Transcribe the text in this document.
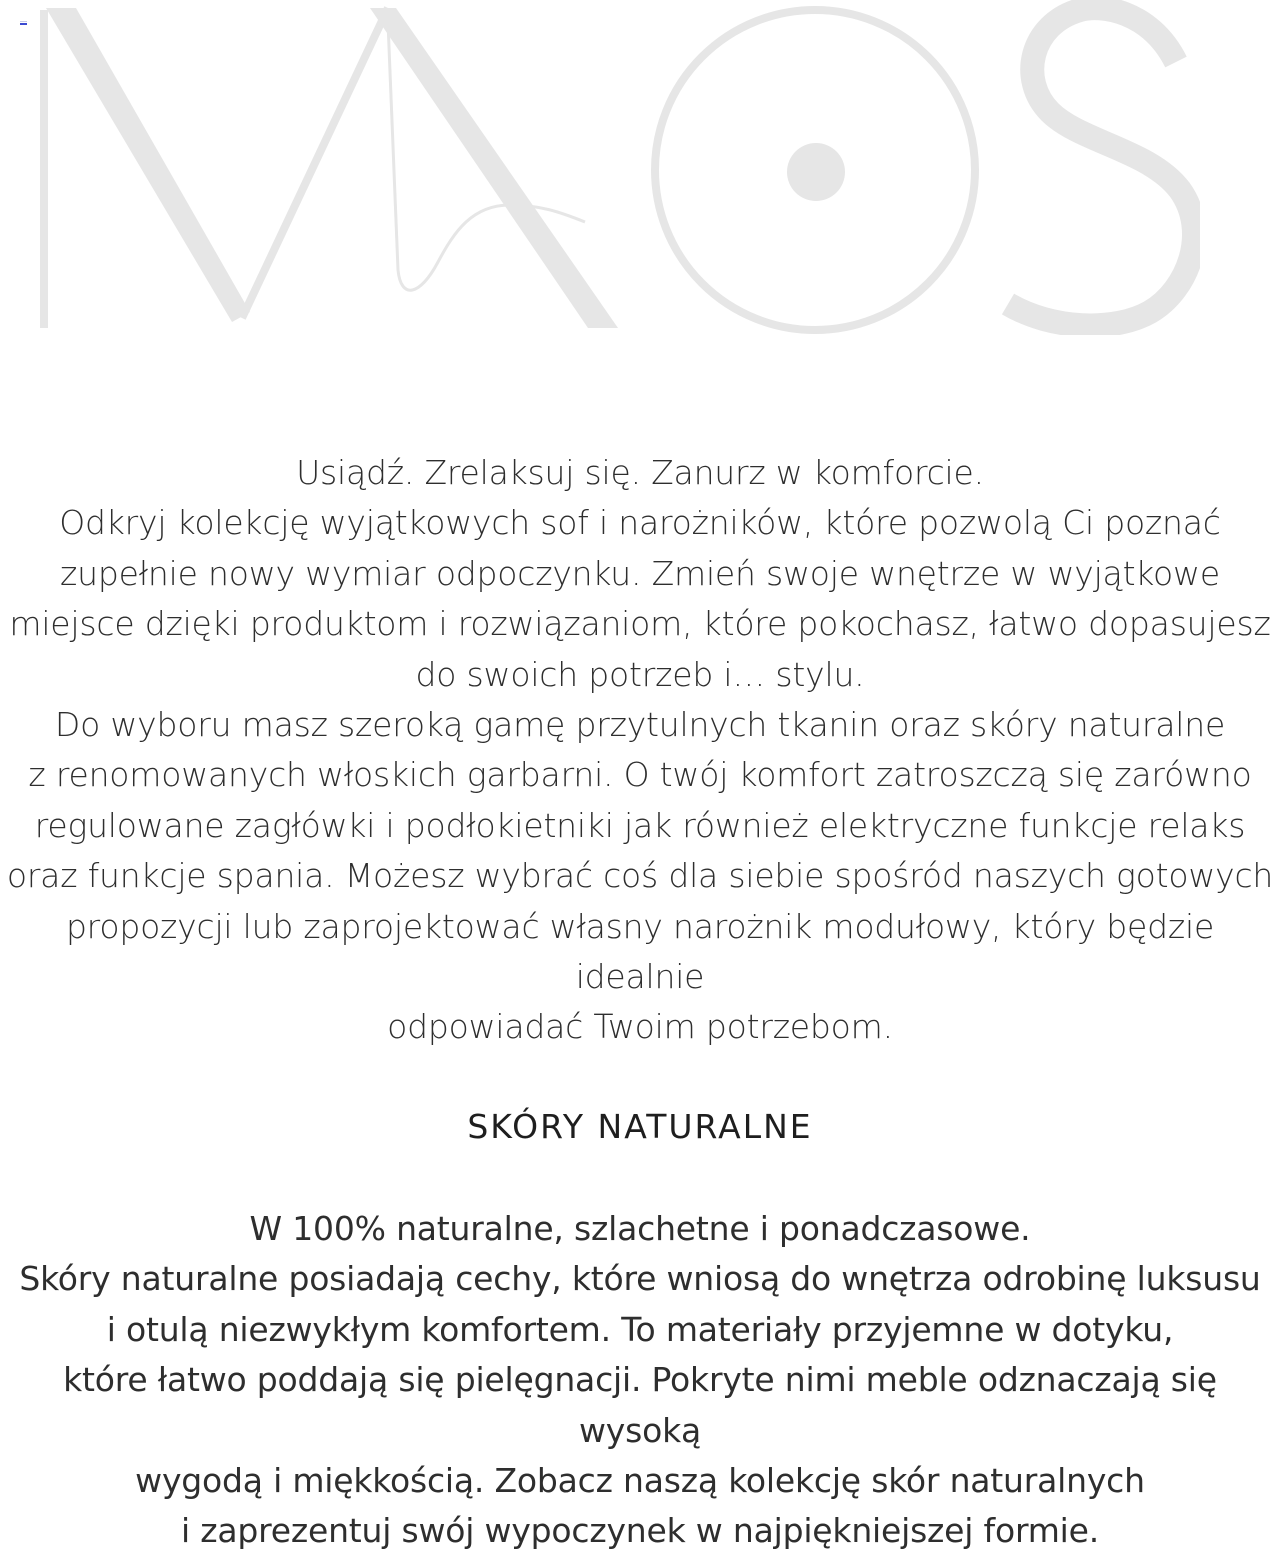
Usiądź. Zrelaksuj się. Zanurz w komforcie.

Odkryj kolekcję wyjątkowych sof i narożników, które pozwolą Ci poznać

zupełnie nowy wymiar odpoczynku. Zmień swoje wnętrze w wyjątkowe

miejsce dzięki produktom i rozwiązaniom, które pokochasz, łatwo dopasujesz

do swoich potrzeb i… stylu.

Do wyboru masz szeroką gamę przytulnych tkanin oraz skóry naturalne

z renomowanych włoskich garbarni. O twój komfort zatroszczą się zarówno

regulowane zagłówki i podłokietniki jak również elektryczne funkcje relaks

oraz funkcje spania. Możesz wybrać coś dla siebie spośród naszych gotowych

propozycji lub zaprojektować własny narożnik modułowy, który będzie idealnie

odpowiadać Twoim potrzebom.

SKÓRY NATURALNE

W 100% naturalne, szlachetne i ponadczasowe.

Skóry naturalne posiadają cechy, które wniosą do wnętrza odrobinę luksusu

i otulą niezwykłym komfortem. To materiały przyjemne w dotyku,

które łatwo poddają się pielęgnacji. Pokryte nimi meble odznaczają się wysoką

wygodą i miękkością. Zobacz naszą kolekcję skór naturalnych

i zaprezentuj swój wypoczynek w najpiękniejszej formie.
